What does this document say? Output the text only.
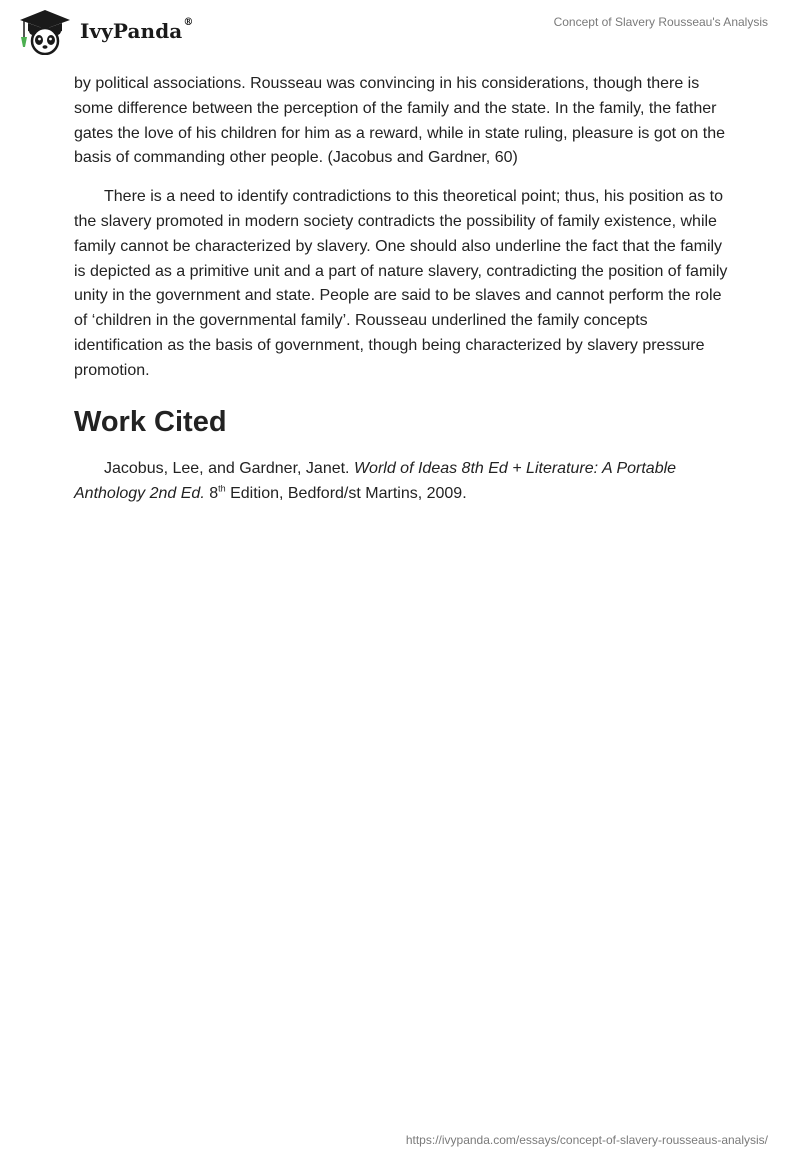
IvyPanda®	Concept of Slavery Rousseau's Analysis

by political associations. Rousseau was convincing in his considerations, though there is some difference between the perception of the family and the state. In the family, the father gates the love of his children for him as a reward, while in state ruling, pleasure is got on the basis of commanding other people. (Jacobus and Gardner, 60)

There is a need to identify contradictions to this theoretical point; thus, his position as to the slavery promoted in modern society contradicts the possibility of family existence, while family cannot be characterized by slavery. One should also underline the fact that the family is depicted as a primitive unit and a part of nature slavery, contradicting the position of family unity in the government and state. People are said to be slaves and cannot perform the role of ‘children in the governmental family’. Rousseau underlined the family concepts identification as the basis of government, though being characterized by slavery pressure promotion.

Work Cited

Jacobus, Lee, and Gardner, Janet. World of Ideas 8th Ed + Literature: A Portable Anthology 2nd Ed. 8th Edition, Bedford/st Martins, 2009.

https://ivypanda.com/essays/concept-of-slavery-rousseaus-analysis/
